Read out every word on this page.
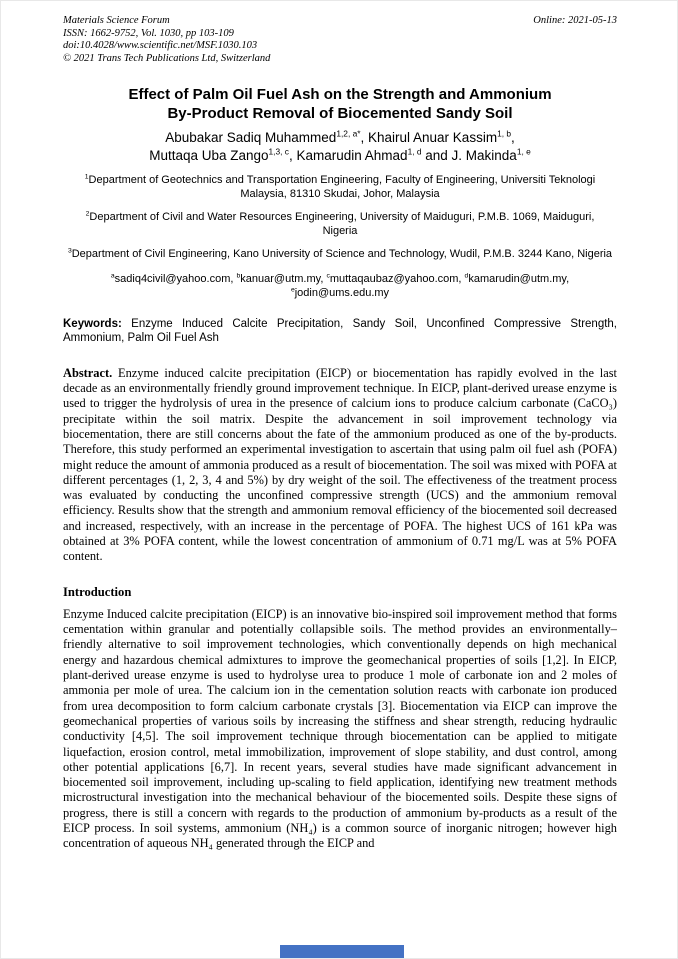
Materials Science Forum
ISSN: 1662-9752, Vol. 1030, pp 103-109
doi:10.4028/www.scientific.net/MSF.1030.103
© 2021 Trans Tech Publications Ltd, Switzerland
Online: 2021-05-13
Effect of Palm Oil Fuel Ash on the Strength and Ammonium
By-Product Removal of Biocemented Sandy Soil
Abubakar Sadiq Muhammed$^{1,2, a*}$, Khairul Anuar Kassim$^{1, b}$,
Muttaqa Uba Zango$^{1,3, c}$, Kamarudin Ahmad$^{1, d}$ and J. Makinda$^{1, e}$

$^1$Department of Geotechnics and Transportation Engineering, Faculty of Engineering, Universiti Teknologi Malaysia, 81310 Skudai, Johor, Malaysia

$^2$Department of Civil and Water Resources Engineering, University of Maiduguri, P.M.B. 1069, Maiduguri, Nigeria

$^3$Department of Civil Engineering, Kano University of Science and Technology, Wudil, P.M.B. 3244 Kano, Nigeria

$^a$sadiq4civil@yahoo.com, $^b$kanuar@utm.my, $^c$muttaqaubaz@yahoo.com, $^d$kamarudin@utm.my, $^e$jodin@ums.edu.my

Keywords: Enzyme Induced Calcite Precipitation, Sandy Soil, Unconfined Compressive Strength, Ammonium, Palm Oil Fuel Ash

Abstract. Enzyme induced calcite precipitation (EICP) or biocementation has rapidly evolved in the last decade as an environmentally friendly ground improvement technique. In EICP, plant-derived urease enzyme is used to trigger the hydrolysis of urea in the presence of calcium ions to produce calcium carbonate (CaCO₃) precipitate within the soil matrix. Despite the advancement in soil improvement technology via biocementation, there are still concerns about the fate of the ammonium produced as one of the by-products. Therefore, this study performed an experimental investigation to ascertain that using palm oil fuel ash (POFA) might reduce the amount of ammonia produced as a result of biocementation. The soil was mixed with POFA at different percentages (1, 2, 3, 4 and 5%) by dry weight of the soil. The effectiveness of the treatment process was evaluated by conducting the unconfined compressive strength (UCS) and the ammonium removal efficiency. Results show that the strength and ammonium removal efficiency of the biocemented soil decreased and increased, respectively, with an increase in the percentage of POFA. The highest UCS of 161 kPa was obtained at 3% POFA content, while the lowest concentration of ammonium of 0.71 mg/L was at 5% POFA content.

Introduction

Enzyme Induced calcite precipitation (EICP) is an innovative bio-inspired soil improvement method that forms cementation within granular and potentially collapsible soils. The method provides an environmentally–friendly alternative to soil improvement technologies, which conventionally depends on high mechanical energy and hazardous chemical admixtures to improve the geomechanical properties of soils [1,2]. In EICP, plant-derived urease enzyme is used to hydrolyse urea to produce 1 mole of carbonate ion and 2 moles of ammonia per mole of urea. The calcium ion in the cementation solution reacts with carbonate ion produced from urea decomposition to form calcium carbonate crystals [3]. Biocementation via EICP can improve the geomechanical properties of various soils by increasing the stiffness and shear strength, reducing hydraulic conductivity [4,5]. The soil improvement technique through biocementation can be applied to mitigate liquefaction, erosion control, metal immobilization, improvement of slope stability, and dust control, among other potential applications [6,7]. In recent years, several studies have made significant advancement in biocemented soil improvement, including up-scaling to field application, identifying new treatment methods microstructural investigation into the mechanical behaviour of the biocemented soils. Despite these signs of progress, there is still a concern with regards to the production of ammonium by-products as a result of the EICP process. In soil systems, ammonium (NH₄) is a common source of inorganic nitrogen; however high concentration of aqueous NH₄ generated through the EICP and
